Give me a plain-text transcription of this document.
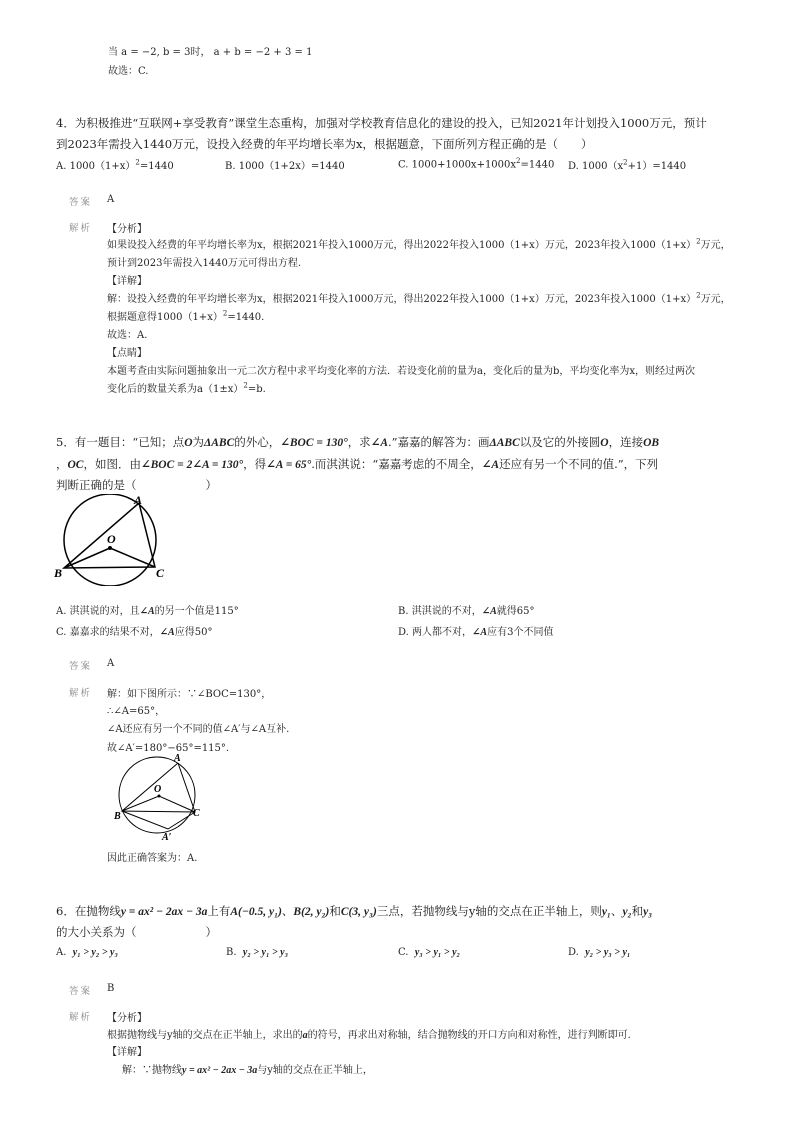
当 a = −2, b = 3时， a + b = −2 + 3 = 1
故选：C.
4．为积极推进“互联网+享受教育”课堂生态重构，加强对学校教育信息化的建设的投入，已知2021年计划投入1000万元，预计
到2023年需投入1440万元，设投入经费的年平均增长率为x，根据题意，下面所列方程正确的是（　　）
A. $1000(1+x)^2=1440$	B. 1000（1+2x）=1440	C. $1000+1000x+1000x^2=1440$ D. $1000(x^2+1)=1440$
答案 A
解析 【分析】
如果设投入经费的年平均增长率为x，根据2021年投入1000万元，得出2022年投入1000（1+x）万元，2023年投入$1000(1+x)^2$万元，
预计到2023年需投入1440万元可得出方程.
【详解】
解：设投入经费的年平均增长率为x，根据2021年投入1000万元，得出2022年投入1000（1+x）万元，2023年投入$1000(1+x)^2$万元，
根据题意得$1000(1+x)^2=1440$.
故选：A.
【点睛】
本题考查由实际问题抽象出一元二次方程中求平均变化率的方法．若设变化前的量为a，变化后的量为b，平均变化率为x，则经过两次
变化后的数量关系为$a(1\pm x)^2=b$.
5．有一题目：“已知；点O为ΔABC的外心，∠BOC = 130°，求∠A.”嘉嘉的解答为：画ΔABC以及它的外接圆O，连接OB
，OC，如图．由∠BOC = 2∠A = 130°，得∠A = 65°.而淇淇说：“嘉嘉考虑的不周全，∠A还应有另一个不同的值.”，下列
判断正确的是（　　　　　　）
A
O
B	C
A. 淇淇说的对，且∠A的另一个值是115°	B. 淇淇说的不对，∠A就得65°
C. 嘉嘉求的结果不对，∠A应得50°	D. 两人都不对，∠A应有3个不同值
答案 A
解析 解：如下图所示：∵∠BOC=130°，
∴∠A=65°，
∠A还应有另一个不同的值∠A′与∠A互补.
故∠A′=180°−65°=115°.
A
O
B	C
A′
因此正确答案为：A.
6．在抛物线y = ax² − 2ax − 3a上有A(−0.5, y₁)、B(2, y₂)和C(3, y₃)三点，若抛物线与y轴的交点在正半轴上，则y₁、y₂和y₃
的大小关系为（　　　　　　）
A. y₁ > y₂ > y₃	B. y₂ > y₁ > y₃	C. y₃ > y₁ > y₂	D. y₂ > y₃ > y₁
答案 B
解析 【分析】
根据抛物线与y轴的交点在正半轴上，求出的a的符号，再求出对称轴，结合抛物线的开口方向和对称性，进行判断即可.
【详解】
解：∵抛物线y = ax² − 2ax − 3a与y轴的交点在正半轴上，
